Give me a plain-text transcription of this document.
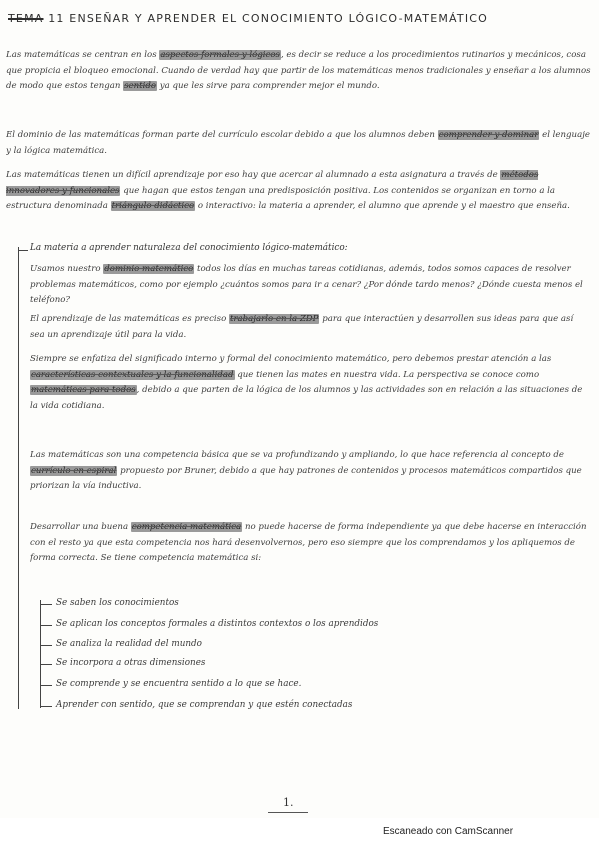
TEMA 11 ENSEÑAR Y APRENDER EL CONOCIMIENTO LÓGICO-MATEMÁTICO

Las matemáticas se centran en los aspectos formales y lógicos, es decir se reduce a los procedimientos rutinarios y mecánicos, cosa que propicia el bloqueo emocional. Cuando de verdad hay que partir de los matemáticas menos tradicionales y enseñar a los alumnos de modo que estos tengan sentido ya que les sirve para comprender mejor el mundo.

El dominio de las matemáticas forman parte del currículo escolar debido a que los alumnos deben comprender y dominar el lenguaje y la lógica matemática.

Las matemáticas tienen un difícil aprendizaje por eso hay que acercar al alumnado a esta asignatura a través de métodos innovadores y funcionales que hagan que estos tengan una predisposición positiva. Los contenidos se organizan en torno a la estructura denominada triángulo didáctico o interactivo: la materia a aprender, el alumno que aprende y el maestro que enseña.

La materia a aprender naturaleza del conocimiento lógico-matemático:

Usamos nuestro dominio matemático todos los días en muchas tareas cotidianas, además, todos somos capaces de resolver problemas matemáticos, como por ejemplo ¿cuántos somos para ir a cenar? ¿Por dónde tardo menos? ¿Dónde cuesta menos el teléfono?

El aprendizaje de las matemáticas es preciso trabajarlo en la ZDP para que interactúen y desarrollen sus ideas para que así sea un aprendizaje útil para la vida.

Siempre se enfatiza del significado interno y formal del conocimiento matemático, pero debemos prestar atención a las características contextuales y la funcionalidad que tienen las mates en nuestra vida. La perspectiva se conoce como matemáticas para todos, debido a que parten de la lógica de los alumnos y las actividades son en relación a las situaciones de la vida cotidiana.

Las matemáticas son una competencia básica que se va profundizando y ampliando, lo que hace referencia al concepto de currículo en espiral propuesto por Bruner, debido a que hay patrones de contenidos y procesos matemáticos compartidos que priorizan la vía inductiva.

Desarrollar una buena competencia matemática no puede hacerse de forma independiente ya que debe hacerse en interacción con el resto ya que esta competencia nos hará desenvolvernos, pero eso siempre que los comprendamos y los apliquemos de forma correcta. Se tiene competencia matemática si:

Se saben los conocimientos
Se aplican los conceptos formales a distintos contextos o los aprendidos
Se analiza la realidad del mundo
Se incorpora a otras dimensiones
Se comprende y se encuentra sentido a lo que se hace.
Aprender con sentido, que se comprendan y que estén conectadas
1.
Escaneado con CamScanner
